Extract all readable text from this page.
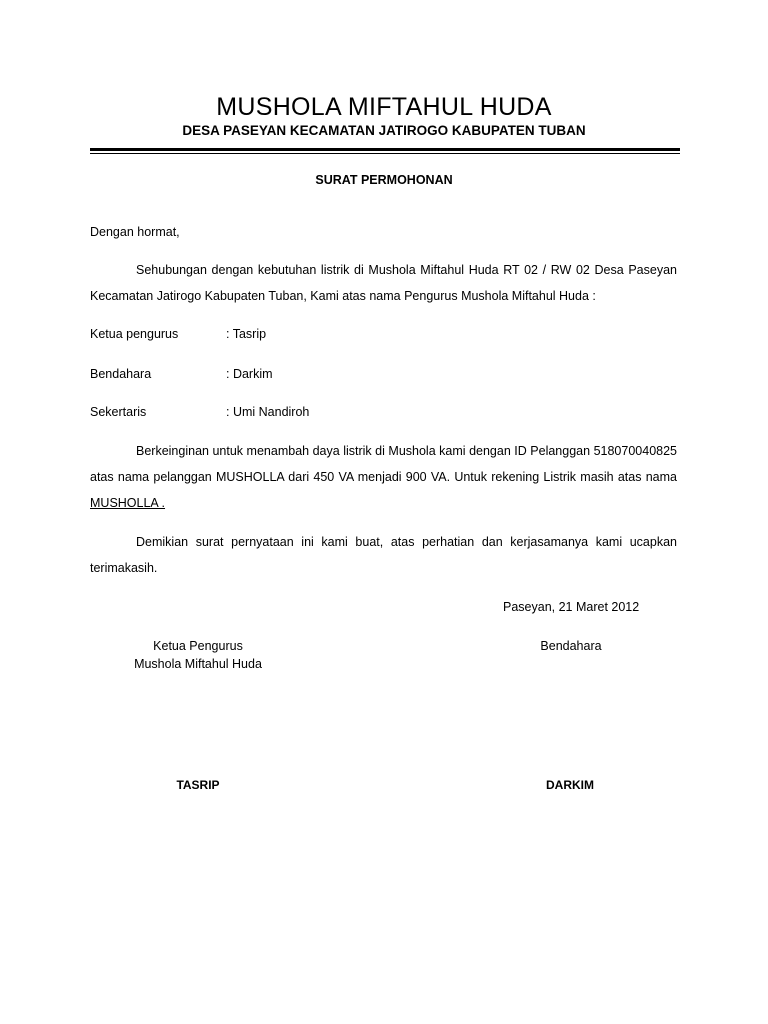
MUSHOLA MIFTAHUL HUDA
DESA PASEYAN KECAMATAN JATIROGO KABUPATEN TUBAN
SURAT PERMOHONAN
Dengan hormat,
Sehubungan dengan kebutuhan listrik di Mushola Miftahul Huda RT 02 / RW 02 Desa Paseyan
Kecamatan Jatirogo Kabupaten Tuban, Kami atas nama Pengurus Mushola Miftahul Huda :
Ketua pengurus	: Tasrip
Bendahara	: Darkim
Sekertaris	: Umi Nandiroh
Berkeinginan untuk menambah daya listrik di Mushola kami dengan ID Pelanggan 518070040825
atas nama pelanggan MUSHOLLA dari 450 VA menjadi 900 VA. Untuk rekening Listrik masih atas nama
MUSHOLLA .
Demikian surat pernyataan ini kami buat, atas perhatian dan kerjasamanya kami ucapkan
terimakasih.
Paseyan, 21 Maret 2012
Ketua Pengurus
Mushola Miftahul Huda
Bendahara
TASRIP	DARKIM
